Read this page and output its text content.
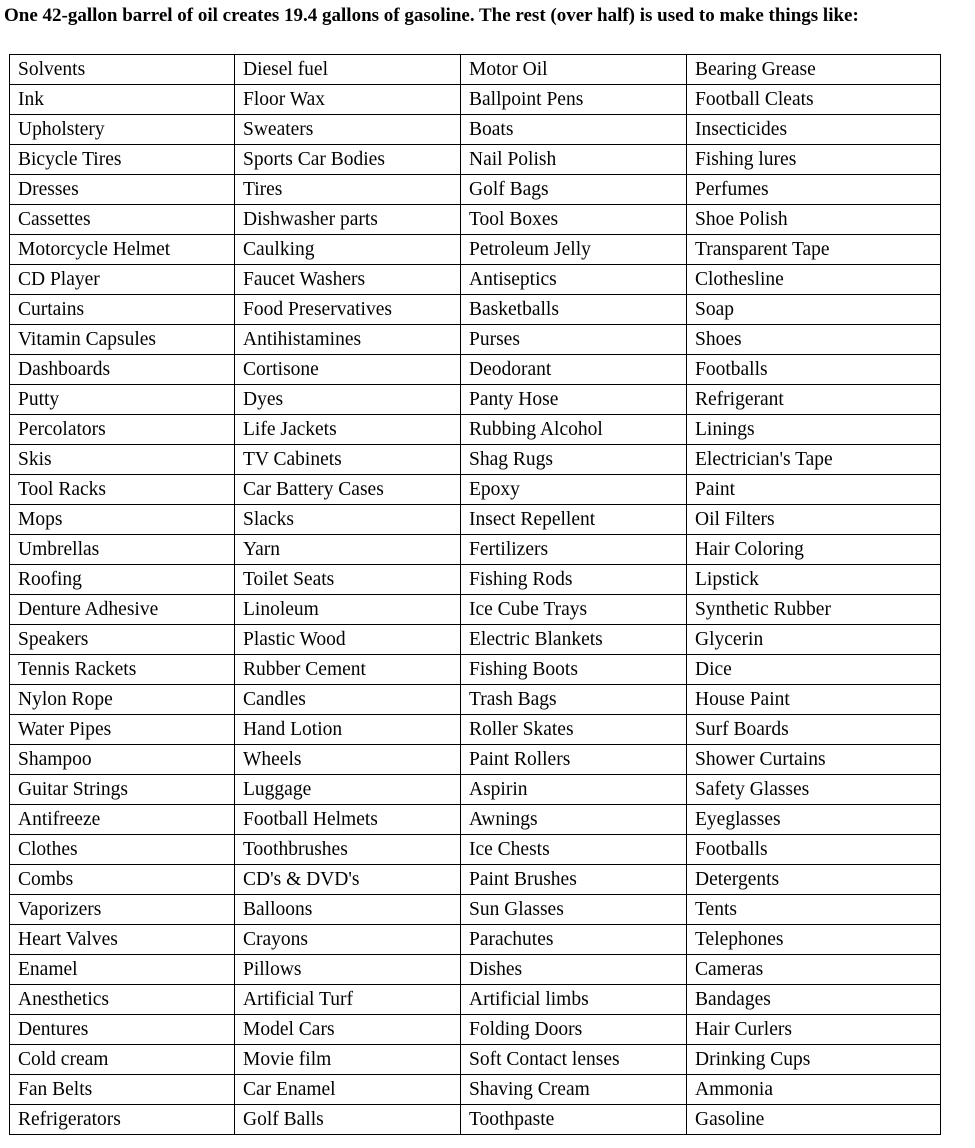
One 42-gallon barrel of oil creates 19.4 gallons of gasoline. The rest (over half) is used to make things like:

Solvents	Diesel fuel	Motor Oil	Bearing Grease
Ink	Floor Wax	Ballpoint Pens	Football Cleats
Upholstery	Sweaters	Boats	Insecticides
Bicycle Tires	Sports Car Bodies	Nail Polish	Fishing lures
Dresses	Tires	Golf Bags	Perfumes
Cassettes	Dishwasher parts	Tool Boxes	Shoe Polish
Motorcycle Helmet	Caulking	Petroleum Jelly	Transparent Tape
CD Player	Faucet Washers	Antiseptics	Clothesline
Curtains	Food Preservatives	Basketballs	Soap
Vitamin Capsules	Antihistamines	Purses	Shoes
Dashboards	Cortisone	Deodorant	Footballs
Putty	Dyes	Panty Hose	Refrigerant
Percolators	Life Jackets	Rubbing Alcohol	Linings
Skis	TV Cabinets	Shag Rugs	Electrician's Tape
Tool Racks	Car Battery Cases	Epoxy	Paint
Mops	Slacks	Insect Repellent	Oil Filters
Umbrellas	Yarn	Fertilizers	Hair Coloring
Roofing	Toilet Seats	Fishing Rods	Lipstick
Denture Adhesive	Linoleum	Ice Cube Trays	Synthetic Rubber
Speakers	Plastic Wood	Electric Blankets	Glycerin
Tennis Rackets	Rubber Cement	Fishing Boots	Dice
Nylon Rope	Candles	Trash Bags	House Paint
Water Pipes	Hand Lotion	Roller Skates	Surf Boards
Shampoo	Wheels	Paint Rollers	Shower Curtains
Guitar Strings	Luggage	Aspirin	Safety Glasses
Antifreeze	Football Helmets	Awnings	Eyeglasses
Clothes	Toothbrushes	Ice Chests	Footballs
Combs	CD's & DVD's	Paint Brushes	Detergents
Vaporizers	Balloons	Sun Glasses	Tents
Heart Valves	Crayons	Parachutes	Telephones
Enamel	Pillows	Dishes	Cameras
Anesthetics	Artificial Turf	Artificial limbs	Bandages
Dentures	Model Cars	Folding Doors	Hair Curlers
Cold cream	Movie film	Soft Contact lenses	Drinking Cups
Fan Belts	Car Enamel	Shaving Cream	Ammonia
Refrigerators	Golf Balls	Toothpaste	Gasoline
